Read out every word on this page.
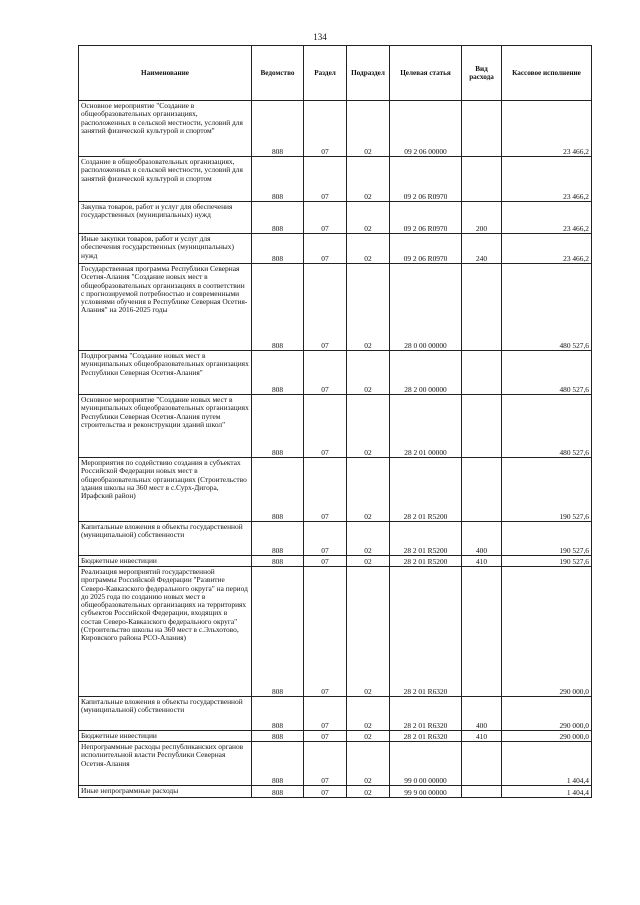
134
Наименование	Ведомство	Раздел	Подраздел	Целевая статья	Вид расхода	Кассовое исполнение
Основное мероприятие "Создание в общеобразовательных организациях, расположенных в сельской местности, условий для занятий физической культурой и спортом"	808	07	02	09 2 06 00000		23 466,2
Создание в общеобразовательных организациях, расположенных в сельской местности, условий для занятий физической культурой и спортом	808	07	02	09 2 06 R0970		23 466,2
Закупка товаров, работ и услуг для обеспечения государственных (муниципальных) нужд	808	07	02	09 2 06 R0970	200	23 466,2
Иные закупки товаров, работ и услуг для обеспечения государственных (муниципальных) нужд	808	07	02	09 2 06 R0970	240	23 466,2
Государственная программа Республики Северная Осетия-Алания "Создание новых мест в общеобразовательных организациях в соответствии с прогнозируемой потребностью и современными условиями обучения в Республике Северная Осетия-Алания" на 2016-2025 годы	808	07	02	28 0 00 00000		480 527,6
Подпрограмма "Создание новых мест в муниципальных общеобразовательных организациях Республики Северная Осетия-Алания"	808	07	02	28 2 00 00000		480 527,6
Основное мероприятие "Создание новых мест в муниципальных общеобразовательных организациях Республики Северная Осетия-Алания путем строительства и реконструкции зданий школ"	808	07	02	28 2 01 00000		480 527,6
Мероприятия по содействию создания в субъектах Российской Федерации новых мест в общеобразовательных организациях (Строительство здания школы на 360 мест в с.Сурх-Дигора, Ирафский район)	808	07	02	28 2 01 R5200		190 527,6
Капитальные вложения в объекты государственной (муниципальной) собственности	808	07	02	28 2 01 R5200	400	190 527,6
Бюджетные инвестиции	808	07	02	28 2 01 R5200	410	190 527,6
Реализация мероприятий государственной программы Российской Федерации "Развитие Северо-Кавказского федерального округа" на период до 2025 года по созданию новых мест в общеобразовательных организациях на территориях субъектов Российской Федерации, входящих в состав Северо-Кавказского федерального округа" (Строительство школы на 360 мест в с.Эльхотово, Кировского района РСО-Алания)	808	07	02	28 2 01 R6320		290 000,0
Капитальные вложения в объекты государственной (муниципальной) собственности	808	07	02	28 2 01 R6320	400	290 000,0
Бюджетные инвестиции	808	07	02	28 2 01 R6320	410	290 000,0
Непрограммные расходы республиканских органов исполнительной власти Республики Северная Осетия-Алания	808	07	02	99 0 00 00000		1 404,4
Иные непрограммные расходы	808	07	02	99 9 00 00000		1 404,4
